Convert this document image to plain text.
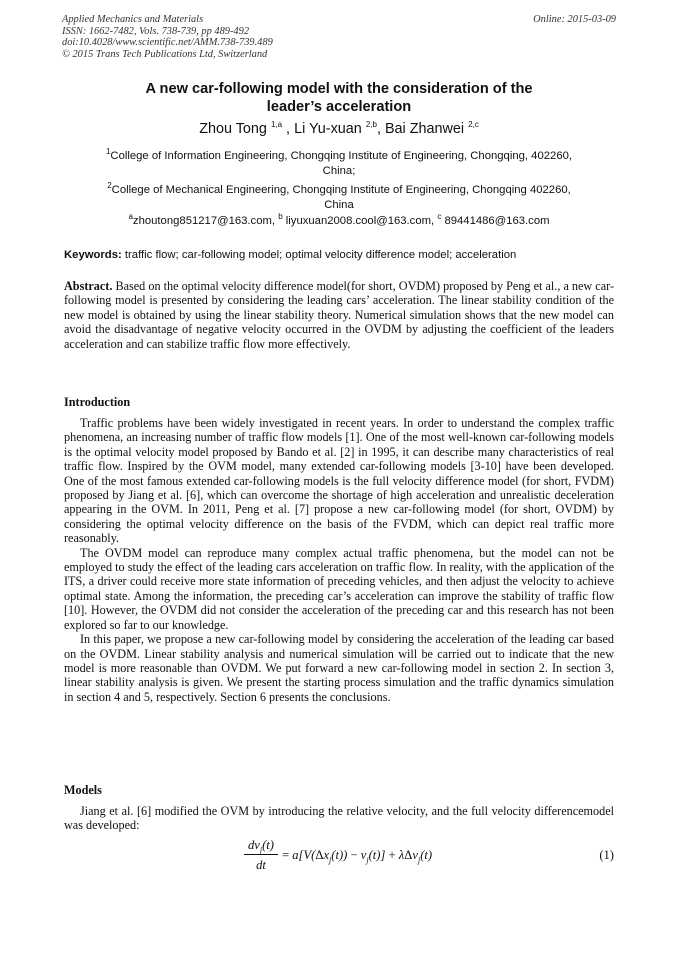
Applied Mechanics and Materials
ISSN: 1662-7482, Vols. 738-739, pp 489-492
doi:10.4028/www.scientific.net/AMM.738-739.489
© 2015 Trans Tech Publications Ltd, Switzerland
Online: 2015-03-09
A new car-following model with the consideration of the
leader’s acceleration
Zhou Tong $^{1,a}$ , Li Yu-xuan $^{2,b}$, Bai Zhanwei $^{2,c}$
$^1$College of Information Engineering, Chongqing Institute of Engineering, Chongqing, 402260,
China;
$^2$College of Mechanical Engineering, Chongqing Institute of Engineering, Chongqing 402260,
China
$^a$zhoutong851217@163.com, $^b$ liyuxuan2008.cool@163.com, $^c$ 89441486@163.com
Keywords: traffic flow; car-following model; optimal velocity difference model; acceleration
Abstract. Based on the optimal velocity difference model(for short, OVDM) proposed by Peng et al., a new car-following model is presented by considering the leading cars’ acceleration. The linear stability condition of the new model is obtained by using the linear stability theory. Numerical simulation shows that the new model can avoid the disadvantage of negative velocity occurred in the OVDM by adjusting the coefficient of the leaders acceleration and can stabilize traffic flow more effectively.
Introduction

Traffic problems have been widely investigated in recent years. In order to understand the complex traffic phenomena, an increasing number of traffic flow models [1]. One of the most well-known car-following models is the optimal velocity model proposed by Bando et al. [2] in 1995, it can describe many characteristics of real traffic flow. Inspired by the OVM model, many extended car-following models [3-10] have been developed. One of the most famous extended car-following models is the full velocity difference model (for short, FVDM) proposed by Jiang et al. [6], which can overcome the shortage of high acceleration and unrealistic deceleration appearing in the OVM. In 2011, Peng et al. [7] propose a new car-following model (for short, OVDM) by considering the optimal velocity difference on the basis of the FVDM, which can depict real traffic more reasonably.

The OVDM model can reproduce many complex actual traffic phenomena, but the model can not be employed to study the effect of the leading cars acceleration on traffic flow. In reality, with the application of the ITS, a driver could receive more state information of preceding vehicles, and then adjust the velocity to achieve optimal state. Among the information, the preceding car’s acceleration can improve the stability of traffic flow [10]. However, the OVDM did not consider the acceleration of the preceding car and this research has not been explored so far to our knowledge.

In this paper, we propose a new car-following model by considering the acceleration of the leading car based on the OVDM. Linear stability analysis and numerical simulation will be carried out to indicate that the new model is more reasonable than OVDM. We put forward a new car-following model in section 2. In section 3, linear stability analysis is given. We present the starting process simulation and the traffic dynamics simulation in section 4 and 5, respectively. Section 6 presents the conclusions.

Models

Jiang et al. [6] modified the OVM by introducing the relative velocity, and the full velocity differencemodel was developed:

$dv_j(t)$
dt
= $a[V(\Delta x_j(t)) - v_j(t)] + \lambda\Delta v_j(t)$	(1)
